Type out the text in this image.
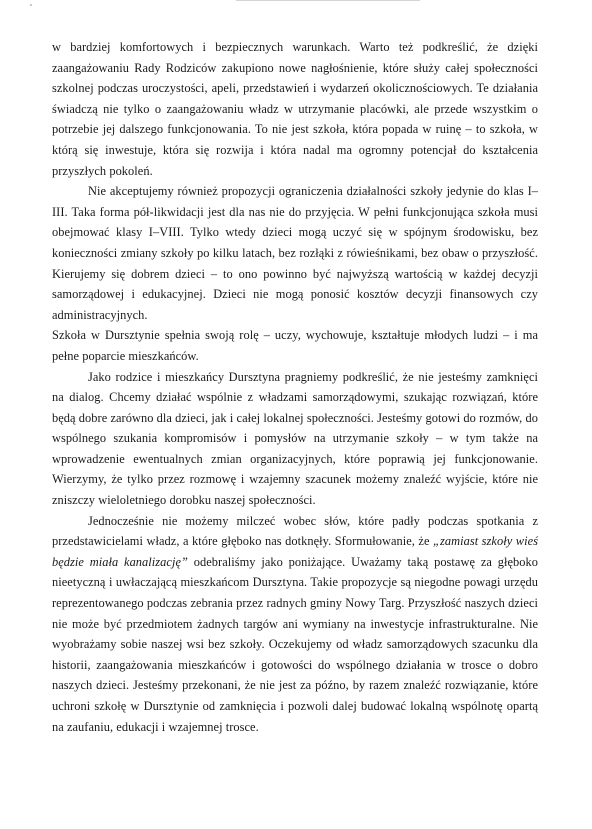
w bardziej komfortowych i bezpiecznych warunkach. Warto też podkreślić, że dzięki zaangażowaniu Rady Rodziców zakupiono nowe nagłośnienie, które służy całej społeczności szkolnej podczas uroczystości, apeli, przedstawień i wydarzeń okolicznościowych. Te działania świadczą nie tylko o zaangażowaniu władz w utrzymanie placówki, ale przede wszystkim o potrzebie jej dalszego funkcjonowania. To nie jest szkoła, która popada w ruinę – to szkoła, w którą się inwestuje, która się rozwija i która nadal ma ogromny potencjał do kształcenia przyszłych pokoleń.

Nie akceptujemy również propozycji ograniczenia działalności szkoły jedynie do klas I–III. Taka forma pół-likwidacji jest dla nas nie do przyjęcia. W pełni funkcjonująca szkoła musi obejmować klasy I–VIII. Tylko wtedy dzieci mogą uczyć się w spójnym środowisku, bez konieczności zmiany szkoły po kilku latach, bez rozłąki z rówieśnikami, bez obaw o przyszłość. Kierujemy się dobrem dzieci – to ono powinno być najwyższą wartością w każdej decyzji samorządowej i edukacyjnej. Dzieci nie mogą ponosić kosztów decyzji finansowych czy administracyjnych.

Szkoła w Dursztynie spełnia swoją rolę – uczy, wychowuje, kształtuje młodych ludzi – i ma pełne poparcie mieszkańców.

Jako rodzice i mieszkańcy Dursztyna pragniemy podkreślić, że nie jesteśmy zamknięci na dialog. Chcemy działać wspólnie z władzami samorządowymi, szukając rozwiązań, które będą dobre zarówno dla dzieci, jak i całej lokalnej społeczności. Jesteśmy gotowi do rozmów, do wspólnego szukania kompromisów i pomysłów na utrzymanie szkoły – w tym także na wprowadzenie ewentualnych zmian organizacyjnych, które poprawią jej funkcjonowanie. Wierzymy, że tylko przez rozmowę i wzajemny szacunek możemy znaleźć wyjście, które nie zniszczy wieloletniego dorobku naszej społeczności.

Jednocześnie nie możemy milczeć wobec słów, które padły podczas spotkania z przedstawicielami władz, a które głęboko nas dotknęły. Sformułowanie, że „zamiast szkoły wieś będzie miała kanalizację” odebraliśmy jako poniżające. Uważamy taką postawę za głęboko nieetyczną i uwłaczającą mieszkańcom Dursztyna. Takie propozycje są niegodne powagi urzędu reprezentowanego podczas zebrania przez radnych gminy Nowy Targ. Przyszłość naszych dzieci nie może być przedmiotem żadnych targów ani wymiany na inwestycje infrastrukturalne. Nie wyobrażamy sobie naszej wsi bez szkoły. Oczekujemy od władz samorządowych szacunku dla historii, zaangażowania mieszkańców i gotowości do wspólnego działania w trosce o dobro naszych dzieci. Jesteśmy przekonani, że nie jest za późno, by razem znaleźć rozwiązanie, które uchroni szkołę w Dursztynie od zamknięcia i pozwoli dalej budować lokalną wspólnotę opartą na zaufaniu, edukacji i wzajemnej trosce.
